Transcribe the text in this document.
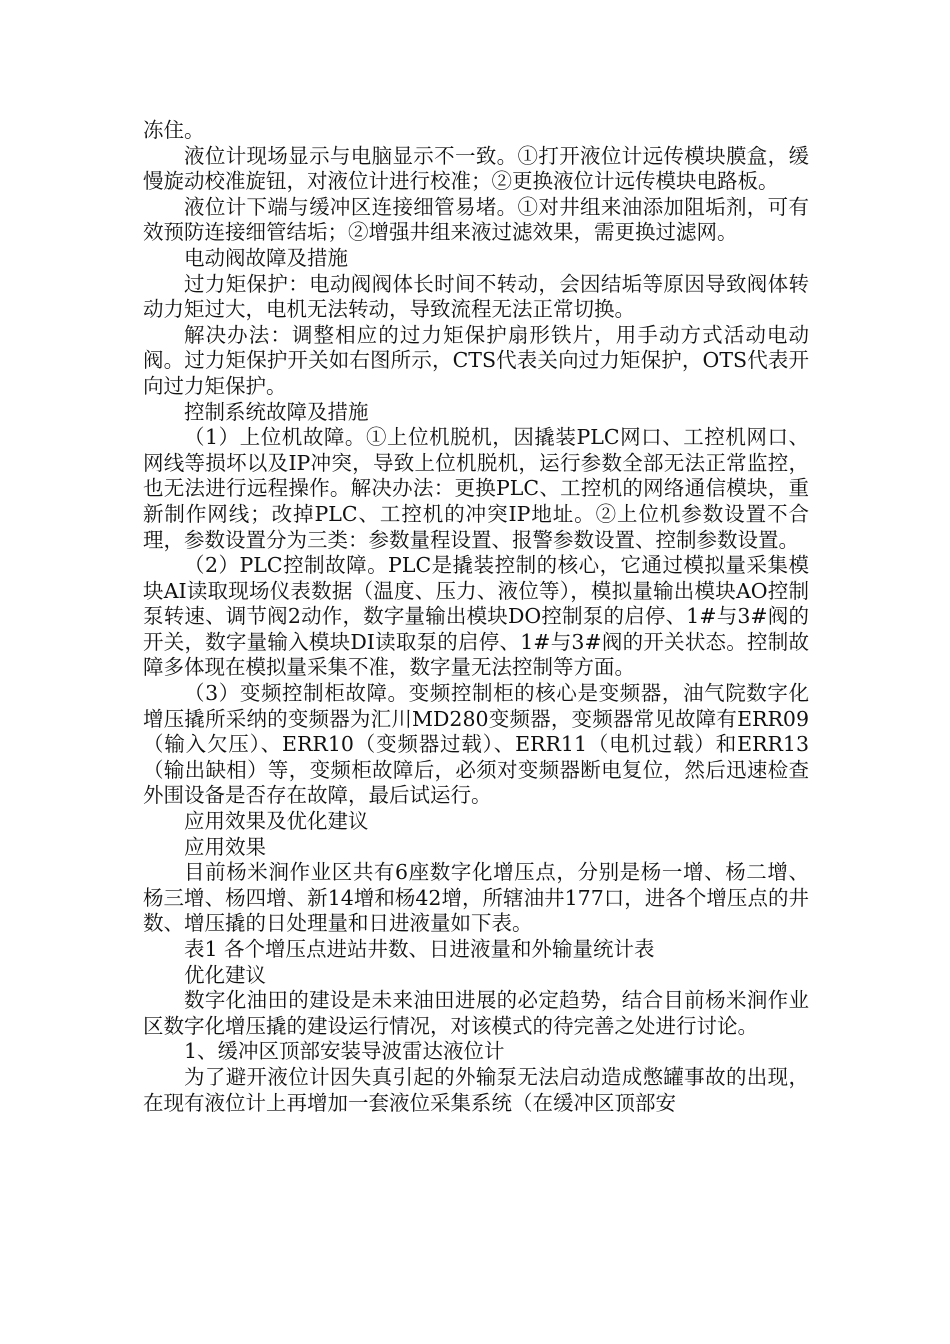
冻住。

液位计现场显示与电脑显示不一致。①打开液位计远传模块膜盒，缓慢旋动校准旋钮，对液位计进行校准；②更换液位计远传模块电路板。

液位计下端与缓冲区连接细管易堵。①对井组来油添加阻垢剂，可有效预防连接细管结垢；②增强井组来液过滤效果，需更换过滤网。

电动阀故障及措施

过力矩保护：电动阀阀体长时间不转动，会因结垢等原因导致阀体转动力矩过大，电机无法转动，导致流程无法正常切换。

解决办法：调整相应的过力矩保护扇形铁片，用手动方式活动电动阀。过力矩保护开关如右图所示，CTS代表关向过力矩保护，OTS代表开向过力矩保护。

控制系统故障及措施

（1）上位机故障。①上位机脱机，因撬装PLC网口、工控机网口、网线等损坏以及IP冲突，导致上位机脱机，运行参数全部无法正常监控，也无法进行远程操作。解决办法：更换PLC、工控机的网络通信模块，重新制作网线；改掉PLC、工控机的冲突IP地址。②上位机参数设置不合理，参数设置分为三类：参数量程设置、报警参数设置、控制参数设置。

（2）PLC控制故障。PLC是撬装控制的核心，它通过模拟量采集模块AI读取现场仪表数据（温度、压力、液位等），模拟量输出模块AO控制泵转速、调节阀2动作，数字量输出模块DO控制泵的启停、1#与3#阀的开关，数字量输入模块DI读取泵的启停、1#与3#阀的开关状态。控制故障多体现在模拟量采集不准，数字量无法控制等方面。

（3）变频控制柜故障。变频控制柜的核心是变频器，油气院数字化增压撬所采纳的变频器为汇川MD280变频器，变频器常见故障有ERR09（输入欠压）、ERR10（变频器过载）、ERR11（电机过载）和ERR13（输出缺相）等，变频柜故障后，必须对变频器断电复位，然后迅速检查外围设备是否存在故障，最后试运行。

应用效果及优化建议

应用效果

目前杨米涧作业区共有6座数字化增压点，分别是杨一增、杨二增、杨三增、杨四增、新14增和杨42增，所辖油井177口，进各个增压点的井数、增压撬的日处理量和日进液量如下表。

表1 各个增压点进站井数、日进液量和外输量统计表

优化建议

数字化油田的建设是未来油田进展的必定趋势，结合目前杨米涧作业区数字化增压撬的建设运行情况，对该模式的待完善之处进行讨论。

1、缓冲区顶部安装导波雷达液位计

为了避开液位计因失真引起的外输泵无法启动造成憋罐事故的出现，在现有液位计上再增加一套液位采集系统（在缓冲区顶部安
